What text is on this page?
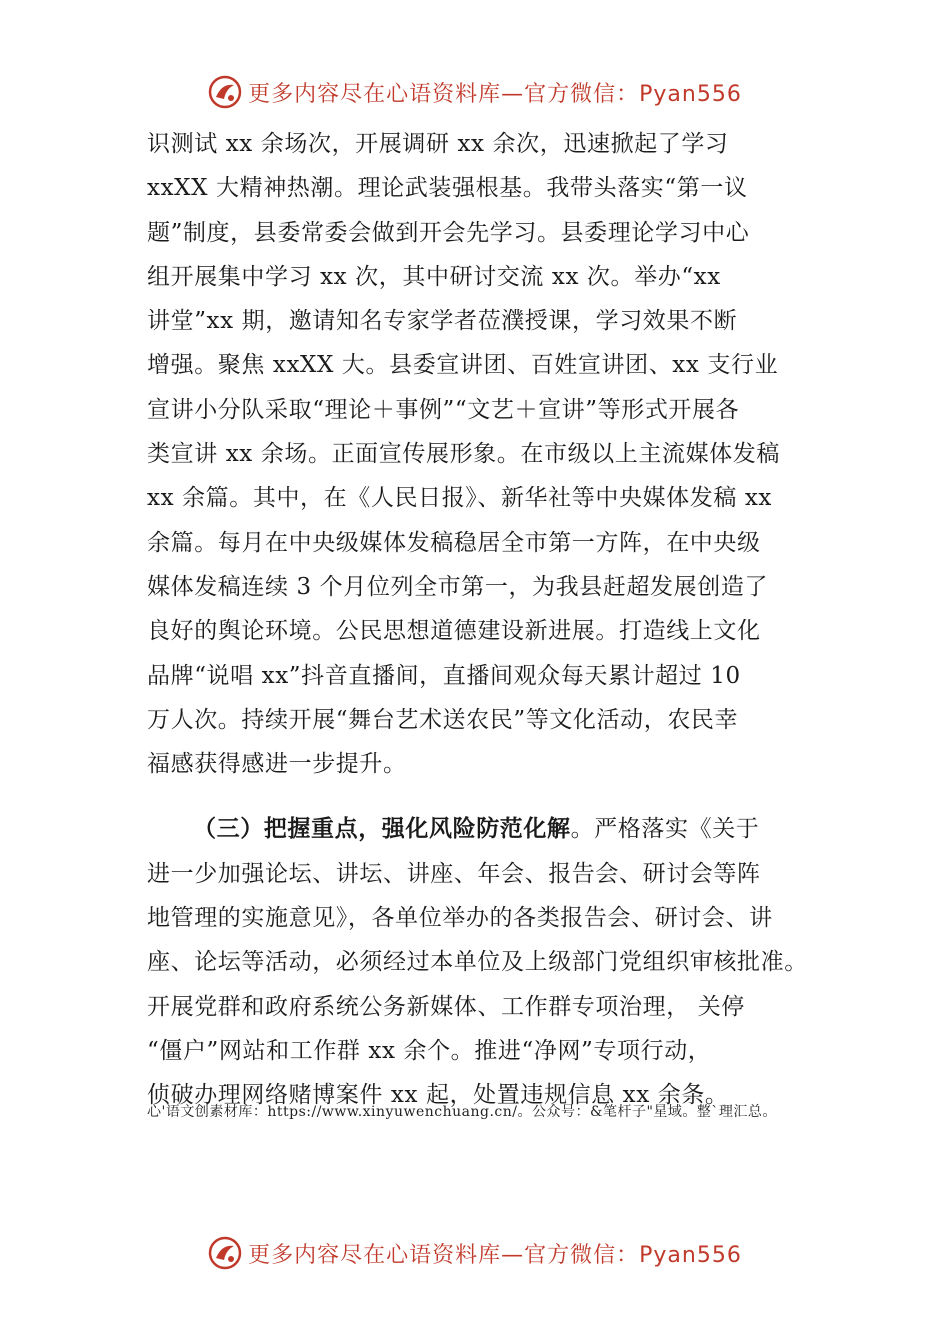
更多内容尽在心语资料库—官方微信：Pyan556
识测试 xx 余场次，开展调研 xx 余次，迅速掀起了学习
xxXX 大精神热潮。理论武装强根基。我带头落实“第一议
题”制度，县委常委会做到开会先学习。县委理论学习中心
组开展集中学习 xx 次，其中研讨交流 xx 次。举办“xx
讲堂”xx 期，邀请知名专家学者莅濮授课，学习效果不断
增强。聚焦 xxXX 大。县委宣讲团、百姓宣讲团、xx 支行业
宣讲小分队采取“理论＋事例”“文艺＋宣讲”等形式开展各
类宣讲 xx 余场。正面宣传展形象。在市级以上主流媒体发稿
xx 余篇。其中，在《人民日报》、新华社等中央媒体发稿 xx
余篇。每月在中央级媒体发稿稳居全市第一方阵，在中央级
媒体发稿连续 3 个月位列全市第一，为我县赶超发展创造了
良好的舆论环境。公民思想道德建设新进展。打造线上文化
品牌“说唱 xx”抖音直播间，直播间观众每天累计超过 10
万人次。持续开展“舞台艺术送农民”等文化活动，农民幸
福感获得感进一步提升。
（三）把握重点，强化风险防范化解。严格落实《关于
进一少加强论坛、讲坛、讲座、年会、报告会、研讨会等阵
地管理的实施意见》，各单位举办的各类报告会、研讨会、讲
座、论坛等活动，必须经过本单位及上级部门党组织审核批准。
开展党群和政府系统公务新媒体、工作群专项治理， 关停
“僵户”网站和工作群 xx 余个。推进“净网”专项行动，
侦破办理网络赌博案件 xx 起，处置违规信息 xx 余条。
心'语文创素材库：https://www.xinyuwenchuang.cn/。公众号：&笔杆子"星域。整`理汇总。
更多内容尽在心语资料库—官方微信：Pyan556
